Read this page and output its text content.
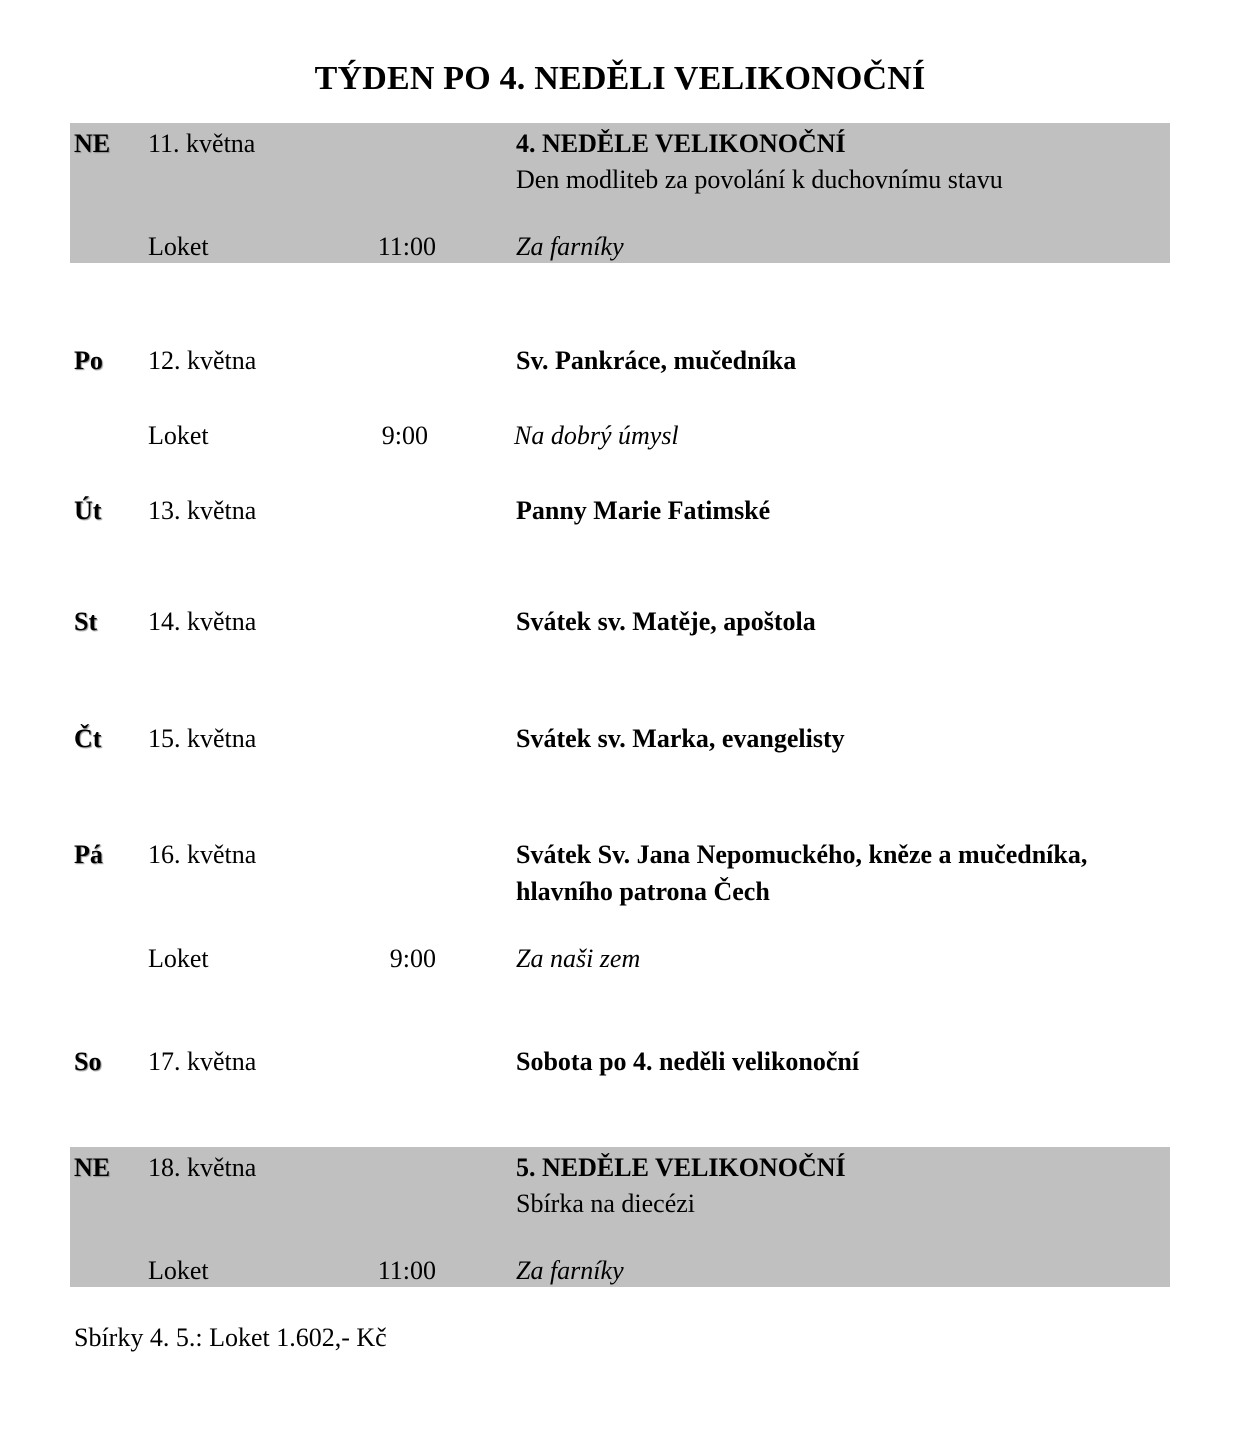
TÝDEN PO 4. NEDĚLI VELIKONOČNÍ
NE 11. května	4. NEDĚLE VELIKONOČNÍ
Den modliteb za povolání k duchovnímu stavu
Loket	11:00	Za farníky
Po 12. května	Sv. Pankráce, mučedníka
Loket	9:00	Na dobrý úmysl
Út 13. května	Panny Marie Fatimské
St 14. května	Svátek sv. Matěje, apoštola
Čt 15. května	Svátek sv. Marka, evangelisty
Pá 16. května	Svátek Sv. Jana Nepomuckého, kněze a mučedníka,
hlavního patrona Čech
Loket	9:00	Za naši zem
So 17. května	Sobota po 4. neděli velikonoční
NE 18. května	5. NEDĚLE VELIKONOČNÍ
Sbírka na diecézi
Loket	11:00	Za farníky
Sbírky 4. 5.: Loket 1.602,- Kč
